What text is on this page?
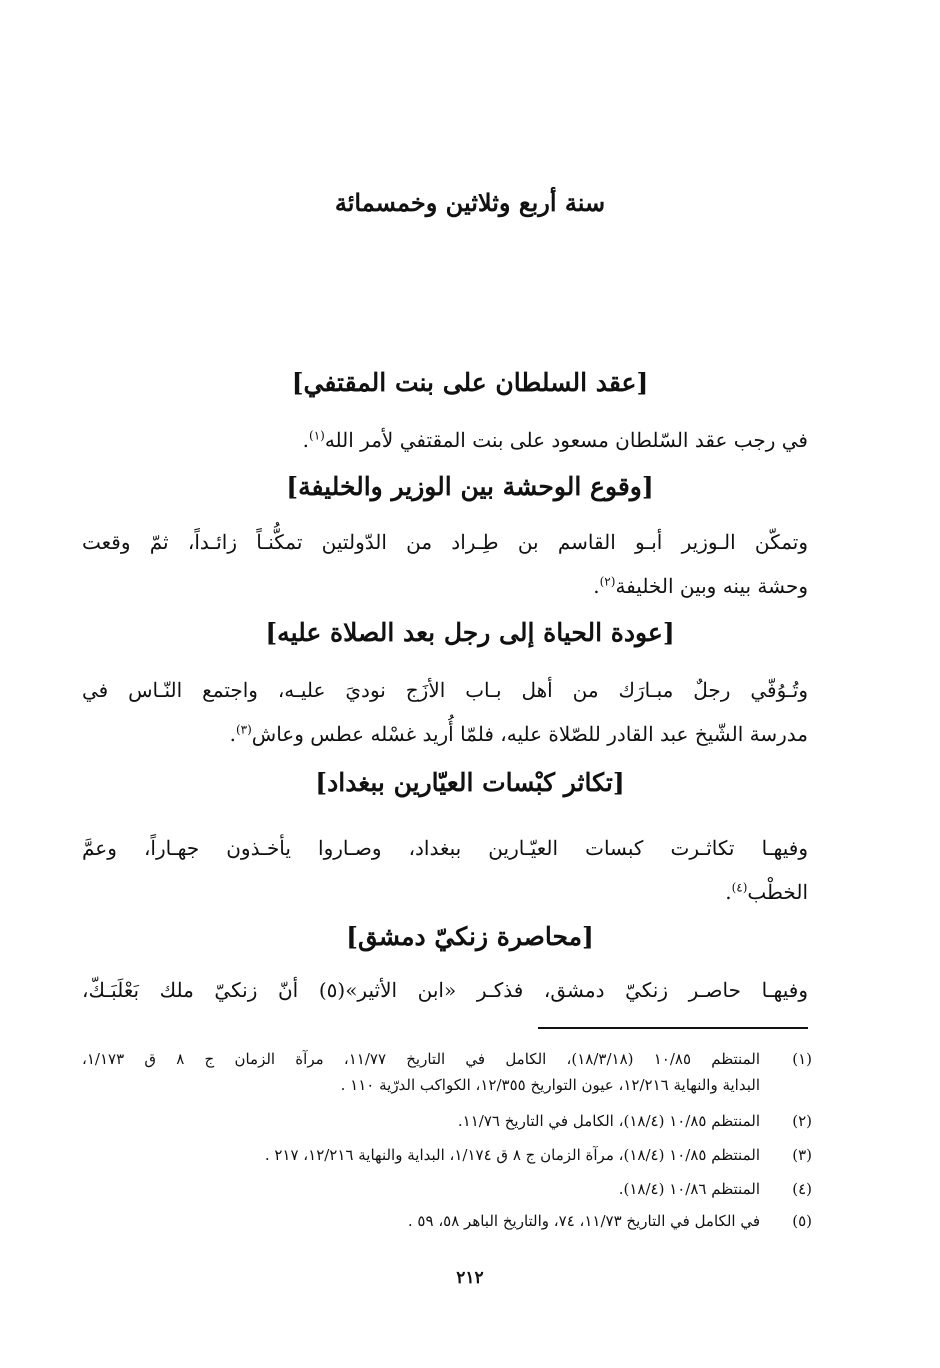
سنة أربع وثلاثين وخمسمائة
[عقد السلطان على بنت المقتفي]
في رجب عقد السّلطان مسعود على بنت المقتفي لأمر الله$^{(١)}$.
[وقوع الوحشة بين الوزير والخليفة]
وتمكّن الـوزير أبـو القاسم بن طِـراد من الدّولتين تمكُّنـاً زائـداً، ثمّ وقعت
وحشة بينه وبين الخليفة$^{(٢)}$.
[عودة الحياة إلى رجل بعد الصلاة عليه]
وتُـوُفّي رجلٌ مبـارَك من أهل بـاب الأزَج نوديَ عليـه، واجتمع النّـاس في
مدرسة الشّيخ عبد القادر للصّلاة عليه، فلمّا أُريد غسْله عطس وعاش$^{(٣)}$.
[تكاثر كبْسات العيّارين ببغداد]
وفيهـا تكاثـرت كبسات العيّـارين ببغداد، وصـاروا يأخـذون جهـاراً، وعمَّ
الخطْب$^{(٤)}$.
[محاصرة زنكيّ دمشق]
وفيهـا حاصـر زنكيّ دمشق، فذكـر «ابن الأثير»(٥) أنّ زنكيّ ملك بَعْلَبَـكّ،
(١)
المنتظم ١٠/٨٥ (١٨/٣/١٨)، الكامل في التاريخ ١١/٧٧، مرآة الزمان ج ٨ ق ١/١٧٣،
البداية والنهاية ١٢/٢١٦، عيون التواريخ ١٢/٣٥٥، الكواكب الدرّية ١١٠ .
(٢)
المنتظم ١٠/٨٥ (١٨/٤)، الكامل في التاريخ ١١/٧٦.
(٣)
المنتظم ١٠/٨٥ (١٨/٤)، مرآة الزمان ج ٨ ق ١/١٧٤، البداية والنهاية ١٢/٢١٦، ٢١٧ .
(٤)
المنتظم ١٠/٨٦ (١٨/٤).
(٥)
في الكامل في التاريخ ١١/٧٣، ٧٤، والتاريخ الباهر ٥٨، ٥٩ .
٢١٢
